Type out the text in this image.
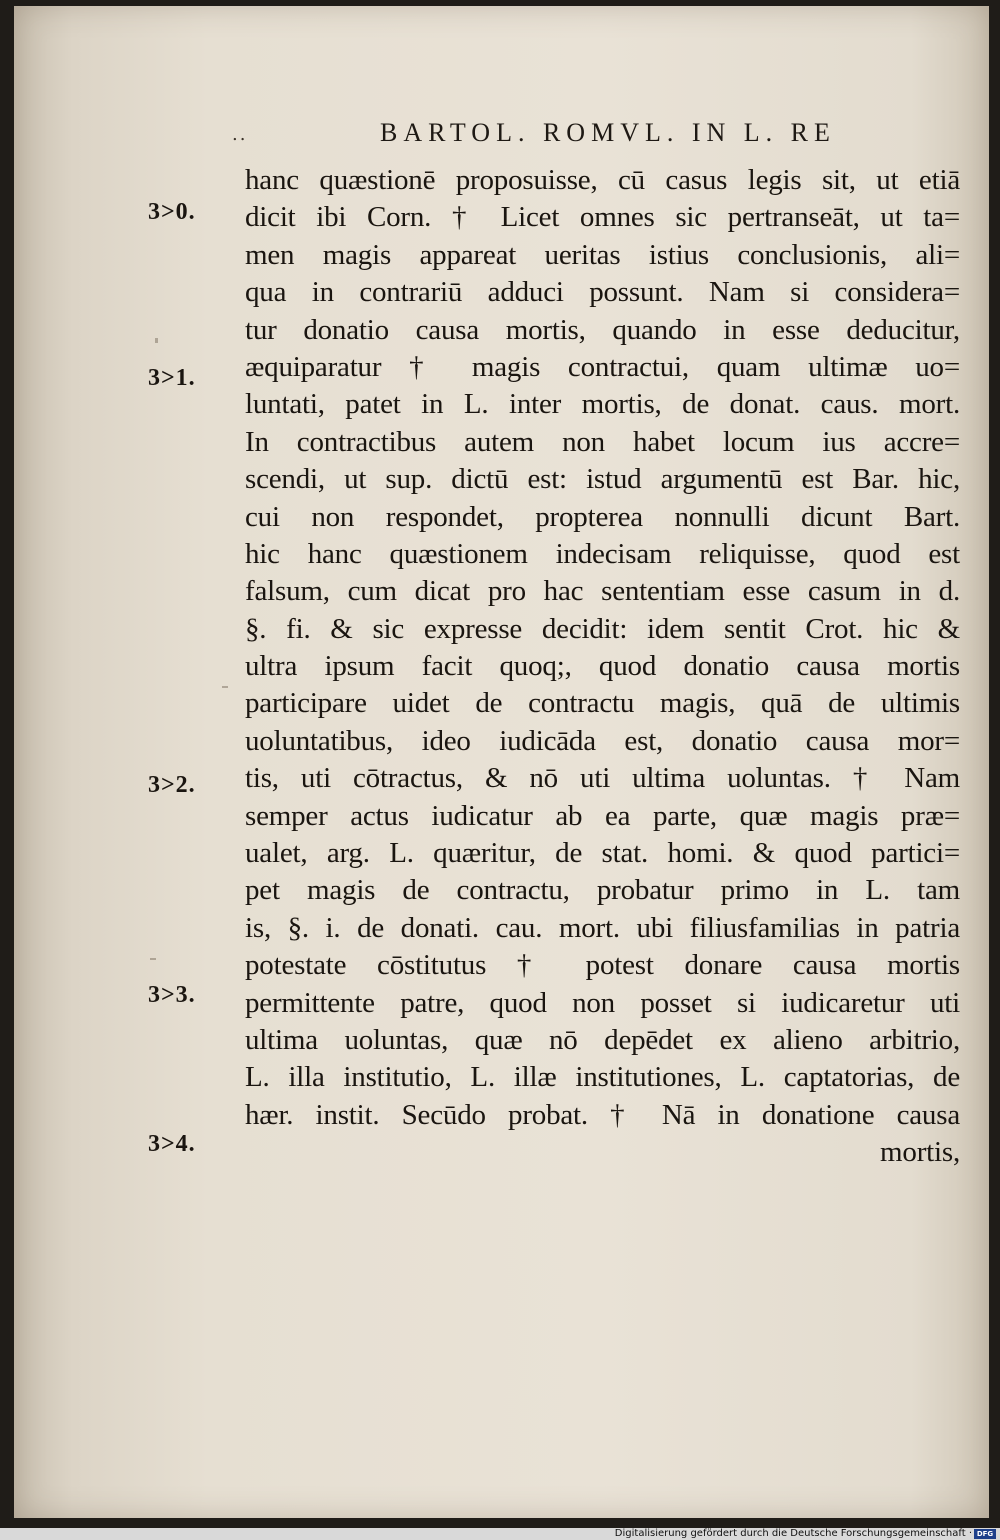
..	BARTOL. ROMVL. IN L. RE
3>0.
3>1.
3>2.
3>3.
3>4.
hanc quæstionē proposuisse, cū casus legis sit, ut etiā
dicit ibi Corn. † Licet omnes sic pertranseāt, ut ta=
men magis appareat ueritas istius conclusionis, ali=
qua in contrariū adduci possunt. Nam si considera=
tur donatio causa mortis, quando in esse deducitur,
æquiparatur † magis contractui, quam ultimæ uo=
luntati, patet in L. inter mortis, de donat. caus. mort.
In contractibus autem non habet locum ius accre=
scendi, ut sup. dictū est: istud argumentū est Bar. hic,
cui non respondet, propterea nonnulli dicunt Bart.
hic hanc quæstionem indecisam reliquisse, quod est
falsum, cum dicat pro hac sententiam esse casum in d.
§. fi. & sic expresse decidit: idem sentit Crot. hic &
ultra ipsum facit quoq;, quod donatio causa mortis
participare uidet de contractu magis, quā de ultimis
uoluntatibus, ideo iudicāda est, donatio causa mor=
tis, uti cōtractus, & nō uti ultima uoluntas. † Nam
semper actus iudicatur ab ea parte, quæ magis præ=
ualet, arg. L. quæritur, de stat. homi. & quod partici=
pet magis de contractu, probatur primo in L. tam
is, §. i. de donati. cau. mort. ubi filiusfamilias in patria
potestate cōstitutus † potest donare causa mortis
permittente patre, quod non posset si iudicaretur uti
ultima uoluntas, quæ nō depēdet ex alieno arbitrio,
L. illa institutio, L. illæ institutiones, L. captatorias, de
hær. instit. Secūdo probat. † Nā in donatione causa
mortis,
Digitalisierung gefördert durch die Deutsche Forschungsgemeinschaft · DFG
